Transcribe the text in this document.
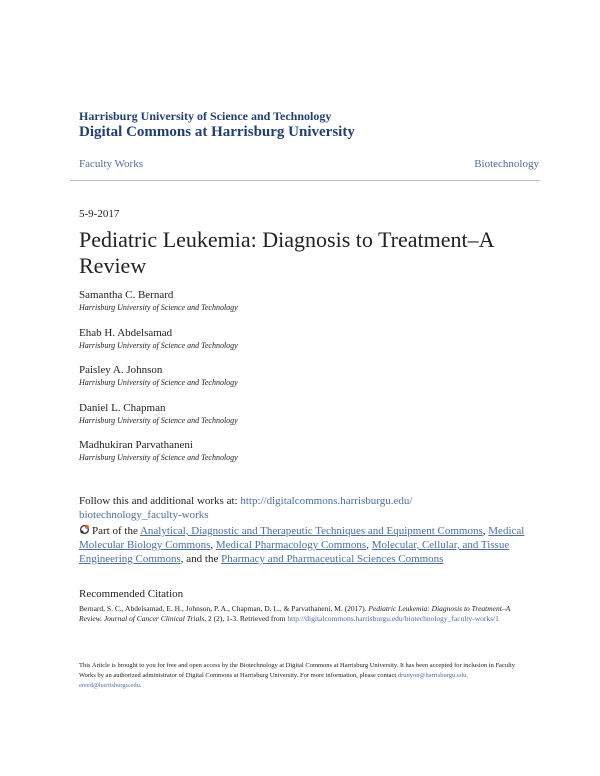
Harrisburg University of Science and Technology
Digital Commons at Harrisburg University
Faculty Works	Biotechnology
5-9-2017
Pediatric Leukemia: Diagnosis to Treatment–A Review
Samantha C. Bernard
Harrisburg University of Science and Technology
Ehab H. Abdelsamad
Harrisburg University of Science and Technology
Paisley A. Johnson
Harrisburg University of Science and Technology
Daniel L. Chapman
Harrisburg University of Science and Technology
Madhukiran Parvathaneni
Harrisburg University of Science and Technology
Follow this and additional works at: http://digitalcommons.harrisburgu.edu/
biotechnology_faculty-works
Part of the Analytical, Diagnostic and Therapeutic Techniques and Equipment Commons, Medical Molecular Biology Commons, Medical Pharmacology Commons, Molecular, Cellular, and Tissue Engineering Commons, and the Pharmacy and Pharmaceutical Sciences Commons
Recommended Citation
Bernard, S. C., Abdelsamad, E. H., Johnson, P. A., Chapman, D. L., & Parvathaneni, M. (2017). Pediatric Leukemia: Diagnosis to Treatment–A Review. Journal of Cancer Clinical Trials, 2 (2), 1-3. Retrieved from http://digitalcommons.harrisburgu.edu/biotechnology_faculty-works/1
This Article is brought to you for free and open access by the Biotechnology at Digital Commons at Harrisburg University. It has been accepted for inclusion in Faculty Works by an authorized administrator of Digital Commons at Harrisburg University. For more information, please contact drunyon@harrisburgu.edu, ereed@harrisburgu.edu.
